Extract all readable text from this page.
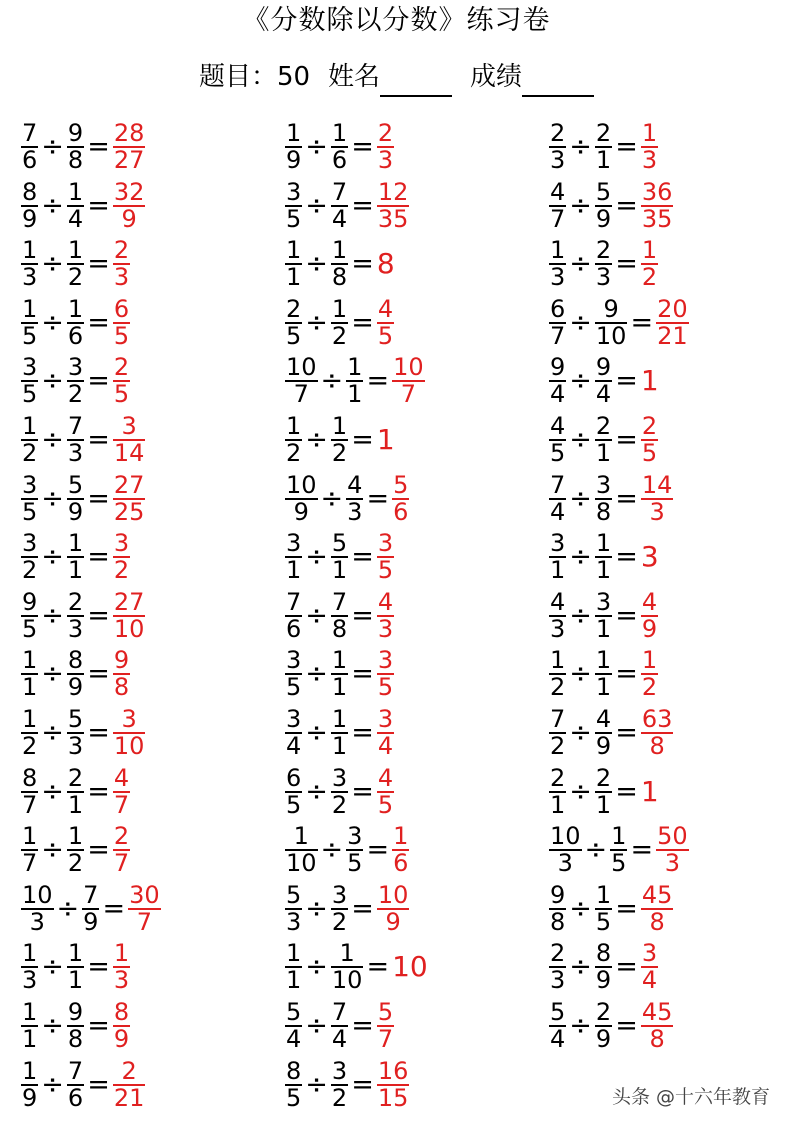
《分数除以分数》练习卷
题目：50 姓名	成绩
$\frac{7}{6} \div \frac{9}{8} = \frac{28}{27}$
$\frac{8}{9} \div \frac{1}{4} = \frac{32}{9}$
$\frac{1}{3} \div \frac{1}{2} = \frac{2}{3}$
$\frac{1}{5} \div \frac{1}{6} = \frac{6}{5}$
$\frac{3}{5} \div \frac{3}{2} = \frac{2}{5}$
$\frac{1}{2} \div \frac{7}{3} = \frac{3}{14}$
$\frac{3}{5} \div \frac{5}{9} = \frac{27}{25}$
$\frac{3}{2} \div \frac{1}{1} = \frac{3}{2}$
$\frac{9}{5} \div \frac{2}{3} = \frac{27}{10}$
$\frac{1}{1} \div \frac{8}{9} = \frac{9}{8}$
$\frac{1}{2} \div \frac{5}{3} = \frac{3}{10}$
$\frac{8}{7} \div \frac{2}{1} = \frac{4}{7}$
$\frac{1}{7} \div \frac{1}{2} = \frac{2}{7}$
$\frac{10}{3} \div \frac{7}{9} = \frac{30}{7}$
$\frac{1}{3} \div \frac{1}{1} = \frac{1}{3}$
$\frac{1}{1} \div \frac{9}{8} = \frac{8}{9}$
$\frac{1}{9} \div \frac{7}{6} = \frac{2}{21}$
$\frac{1}{9} \div \frac{1}{6} = \frac{2}{3}$
$\frac{3}{5} \div \frac{7}{4} = \frac{12}{35}$
$\frac{1}{1} \div \frac{1}{8} = 8$
$\frac{2}{5} \div \frac{1}{2} = \frac{4}{5}$
$\frac{10}{7} \div \frac{1}{1} = \frac{10}{7}$
$\frac{1}{2} \div \frac{1}{2} = 1$
$\frac{10}{9} \div \frac{4}{3} = \frac{5}{6}$
$\frac{3}{1} \div \frac{5}{1} = \frac{3}{5}$
$\frac{7}{6} \div \frac{7}{8} = \frac{4}{3}$
$\frac{3}{5} \div \frac{1}{1} = \frac{3}{5}$
$\frac{3}{4} \div \frac{1}{1} = \frac{3}{4}$
$\frac{6}{5} \div \frac{3}{2} = \frac{4}{5}$
$\frac{1}{10} \div \frac{3}{5} = \frac{1}{6}$
$\frac{5}{3} \div \frac{3}{2} = \frac{10}{9}$
$\frac{1}{1} \div \frac{1}{10} = 10$
$\frac{5}{4} \div \frac{7}{4} = \frac{5}{7}$
$\frac{8}{5} \div \frac{3}{2} = \frac{16}{15}$
$\frac{2}{3} \div \frac{2}{1} = \frac{1}{3}$
$\frac{4}{7} \div \frac{5}{9} = \frac{36}{35}$
$\frac{1}{3} \div \frac{2}{3} = \frac{1}{2}$
$\frac{6}{7} \div \frac{9}{10} = \frac{20}{21}$
$\frac{9}{4} \div \frac{9}{4} = 1$
$\frac{4}{5} \div \frac{2}{1} = \frac{2}{5}$
$\frac{7}{4} \div \frac{3}{8} = \frac{14}{3}$
$\frac{3}{1} \div \frac{1}{1} = 3$
$\frac{4}{3} \div \frac{3}{1} = \frac{4}{9}$
$\frac{1}{2} \div \frac{1}{1} = \frac{1}{2}$
$\frac{7}{2} \div \frac{4}{9} = \frac{63}{8}$
$\frac{2}{1} \div \frac{2}{1} = 1$
$\frac{10}{3} \div \frac{1}{5} = \frac{50}{3}$
$\frac{9}{8} \div \frac{1}{5} = \frac{45}{8}$
$\frac{2}{3} \div \frac{8}{9} = \frac{3}{4}$
$\frac{5}{4} \div \frac{2}{9} = \frac{45}{8}$
头条 @十六年教育
